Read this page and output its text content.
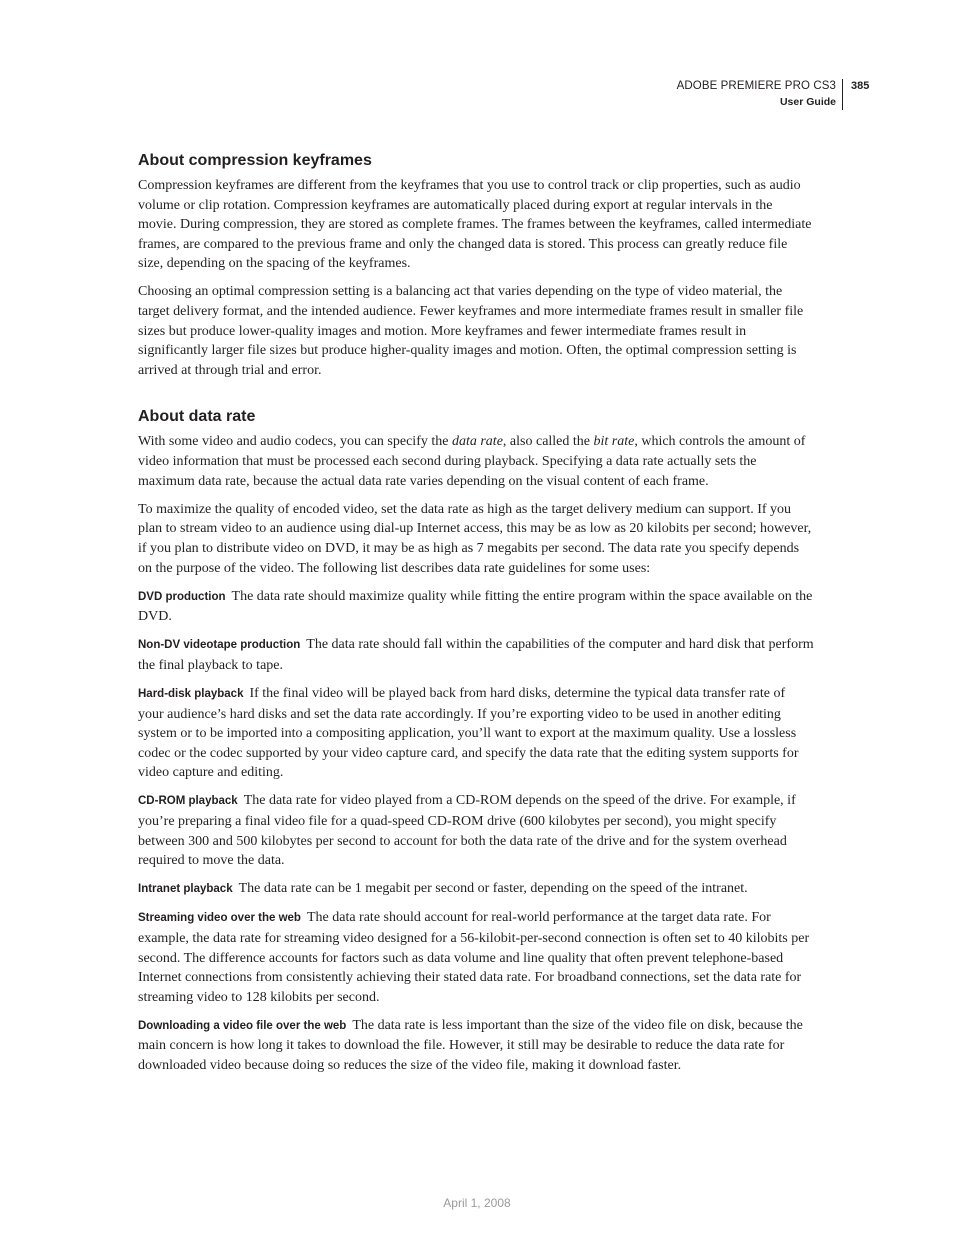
ADOBE PREMIERE PRO CS3
User Guide
385
About compression keyframes

Compression keyframes are different from the keyframes that you use to control track or clip properties, such as audio volume or clip rotation. Compression keyframes are automatically placed during export at regular intervals in the movie. During compression, they are stored as complete frames. The frames between the keyframes, called intermediate frames, are compared to the previous frame and only the changed data is stored. This process can greatly reduce file size, depending on the spacing of the keyframes.

Choosing an optimal compression setting is a balancing act that varies depending on the type of video material, the target delivery format, and the intended audience. Fewer keyframes and more intermediate frames result in smaller file sizes but produce lower-quality images and motion. More keyframes and fewer intermediate frames result in significantly larger file sizes but produce higher-quality images and motion. Often, the optimal compression setting is arrived at through trial and error.

About data rate

With some video and audio codecs, you can specify the data rate, also called the bit rate, which controls the amount of video information that must be processed each second during playback. Specifying a data rate actually sets the maximum data rate, because the actual data rate varies depending on the visual content of each frame.

To maximize the quality of encoded video, set the data rate as high as the target delivery medium can support. If you plan to stream video to an audience using dial-up Internet access, this may be as low as 20 kilobits per second; however, if you plan to distribute video on DVD, it may be as high as 7 megabits per second. The data rate you specify depends on the purpose of the video. The following list describes data rate guidelines for some uses:

DVD production The data rate should maximize quality while fitting the entire program within the space available on the DVD.

Non-DV videotape production The data rate should fall within the capabilities of the computer and hard disk that perform the final playback to tape.

Hard-disk playback If the final video will be played back from hard disks, determine the typical data transfer rate of your audience’s hard disks and set the data rate accordingly. If you’re exporting video to be used in another editing system or to be imported into a compositing application, you’ll want to export at the maximum quality. Use a lossless codec or the codec supported by your video capture card, and specify the data rate that the editing system supports for video capture and editing.

CD-ROM playback The data rate for video played from a CD-ROM depends on the speed of the drive. For example, if you’re preparing a final video file for a quad-speed CD-ROM drive (600 kilobytes per second), you might specify between 300 and 500 kilobytes per second to account for both the data rate of the drive and for the system overhead required to move the data.

Intranet playback The data rate can be 1 megabit per second or faster, depending on the speed of the intranet.

Streaming video over the web The data rate should account for real-world performance at the target data rate. For example, the data rate for streaming video designed for a 56-kilobit-per-second connection is often set to 40 kilobits per second. The difference accounts for factors such as data volume and line quality that often prevent telephone-based Internet connections from consistently achieving their stated data rate. For broadband connections, set the data rate for streaming video to 128 kilobits per second.

Downloading a video file over the web The data rate is less important than the size of the video file on disk, because the main concern is how long it takes to download the file. However, it still may be desirable to reduce the data rate for downloaded video because doing so reduces the size of the video file, making it download faster.

April 1, 2008
